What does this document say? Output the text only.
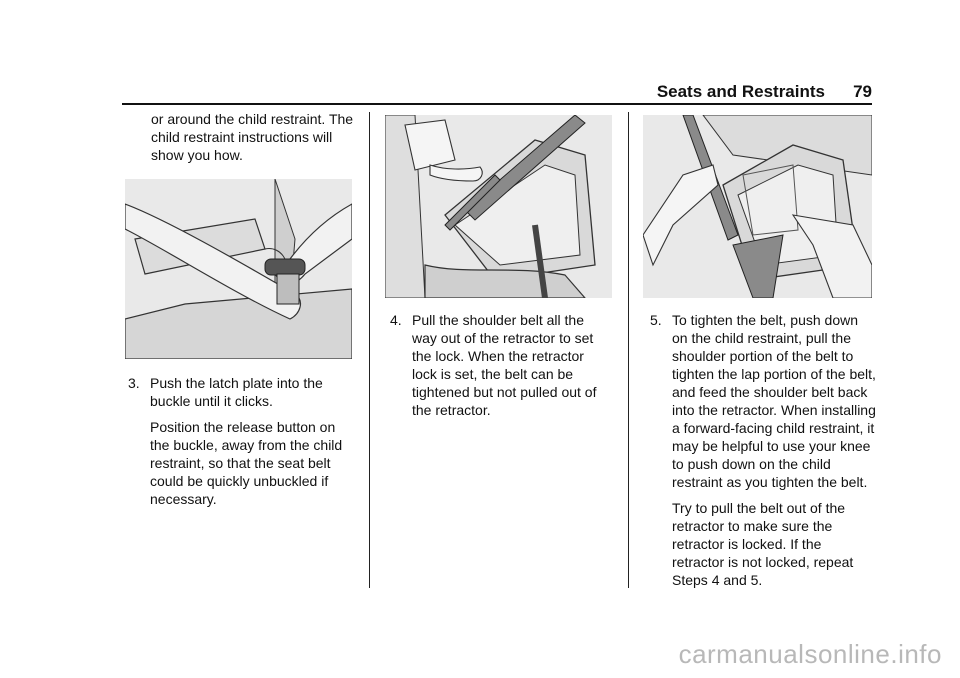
Seats and Restraints 79
or around the child restraint. The child restraint instructions will show you how.
3. Push the latch plate into the buckle until it clicks.
Position the release button on the buckle, away from the child restraint, so that the seat belt could be quickly unbuckled if necessary.
4. Pull the shoulder belt all the way out of the retractor to set the lock. When the retractor lock is set, the belt can be tightened but not pulled out of the retractor.
5. To tighten the belt, push down on the child restraint, pull the shoulder portion of the belt to tighten the lap portion of the belt, and feed the shoulder belt back into the retractor. When installing a forward-facing child restraint, it may be helpful to use your knee to push down on the child restraint as you tighten the belt.
Try to pull the belt out of the retractor to make sure the retractor is locked. If the retractor is not locked, repeat Steps 4 and 5.
carmanualsonline.info
